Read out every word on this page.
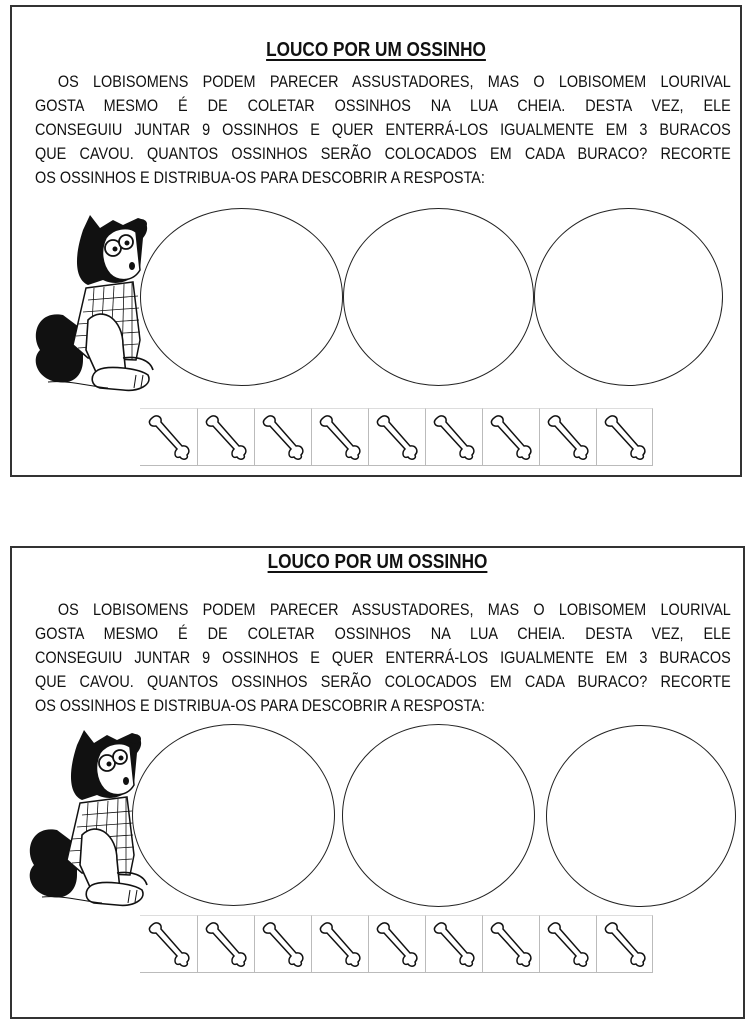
LOUCO POR UM OSSINHO
OS LOBISOMENS PODEM PARECER ASSUSTADORES, MAS O LOBISOMEM LOURIVAL
GOSTA MESMO É DE COLETAR OSSINHOS NA LUA CHEIA. DESTA VEZ, ELE
CONSEGUIU JUNTAR 9 OSSINHOS E QUER ENTERRÁ-LOS IGUALMENTE EM 3 BURACOS
QUE CAVOU. QUANTOS OSSINHOS SERÃO COLOCADOS EM CADA BURACO? RECORTE
OS OSSINHOS E DISTRIBUA-OS PARA DESCOBRIR A RESPOSTA:
LOUCO POR UM OSSINHO
OS LOBISOMENS PODEM PARECER ASSUSTADORES, MAS O LOBISOMEM LOURIVAL
GOSTA MESMO É DE COLETAR OSSINHOS NA LUA CHEIA. DESTA VEZ, ELE
CONSEGUIU JUNTAR 9 OSSINHOS E QUER ENTERRÁ-LOS IGUALMENTE EM 3 BURACOS
QUE CAVOU. QUANTOS OSSINHOS SERÃO COLOCADOS EM CADA BURACO? RECORTE
OS OSSINHOS E DISTRIBUA-OS PARA DESCOBRIR A RESPOSTA:
